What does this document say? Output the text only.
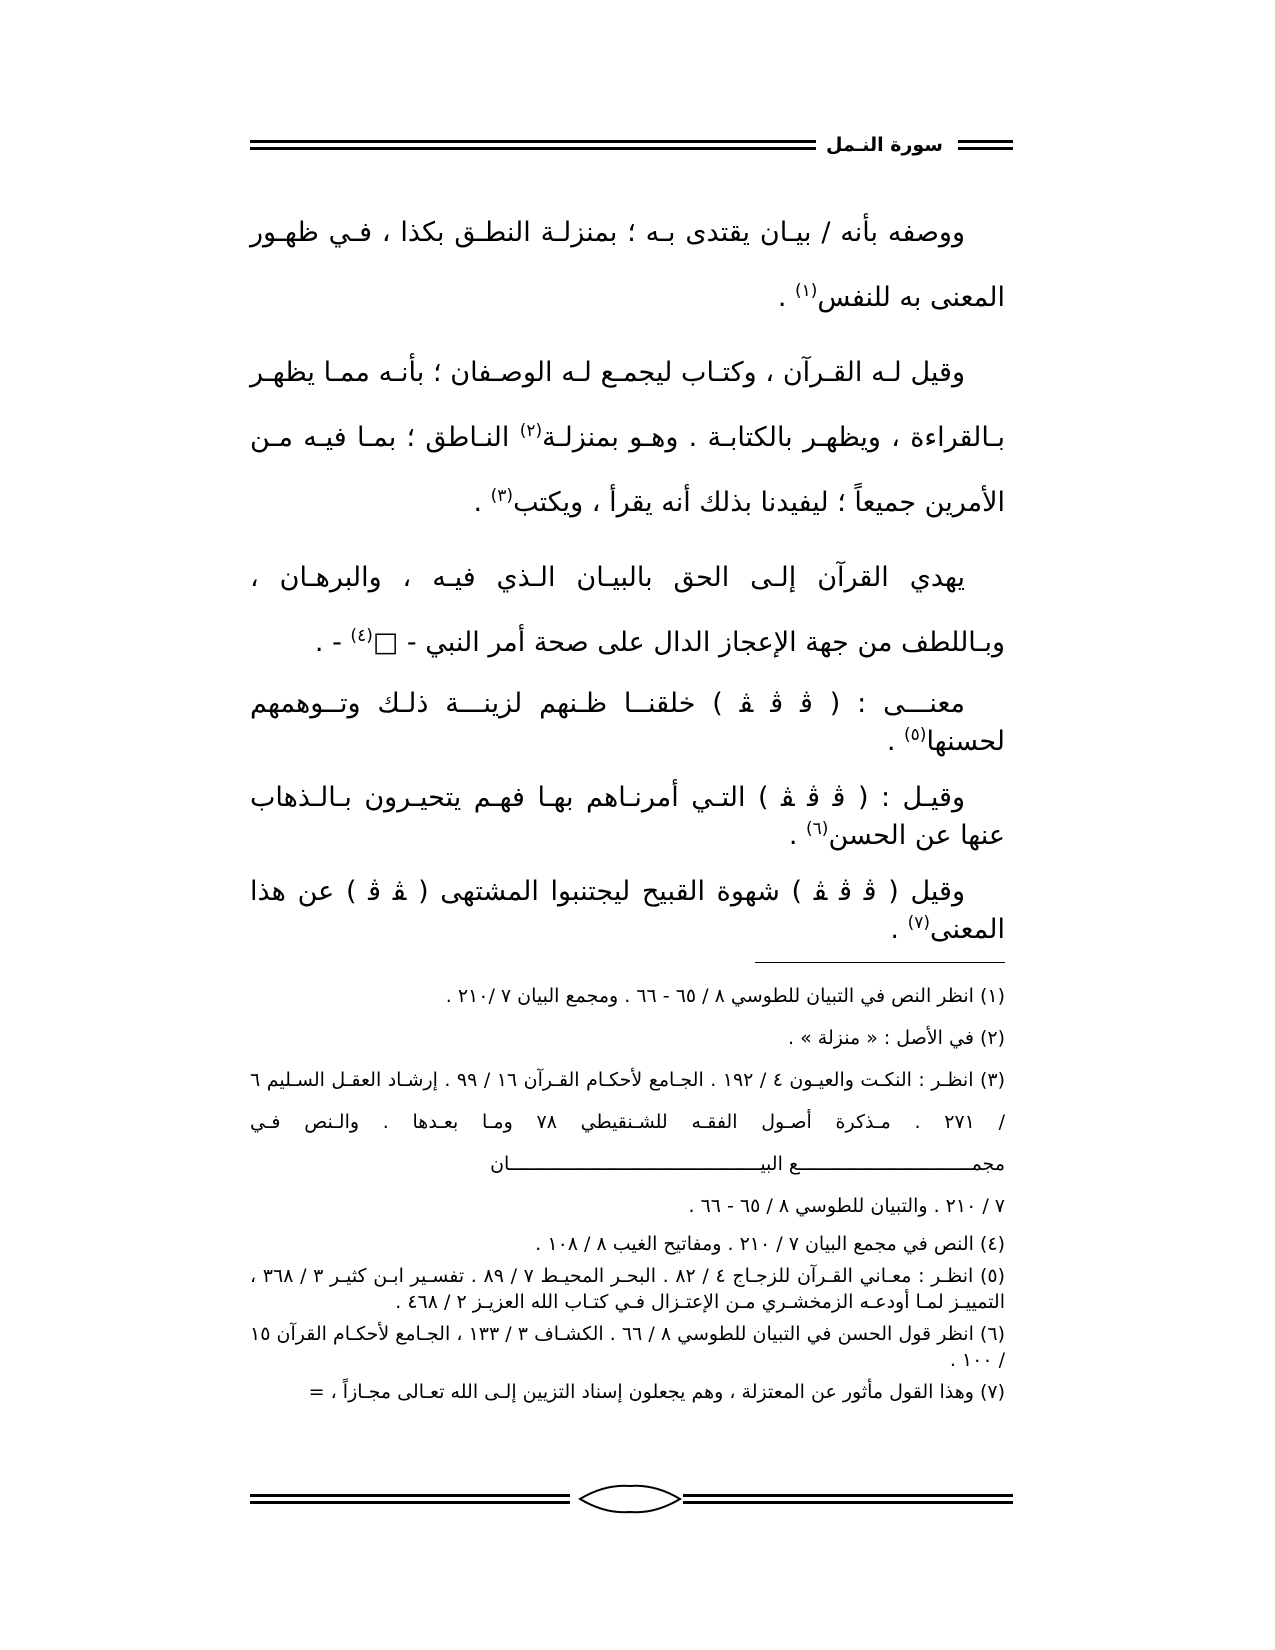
سورة النـمل

ووصفه بأنه / بيـان يقتدى بـه ؛ بمنزلـة النطـق بكذا ، فـي ظهـور المعنى به للنفس$^{(١)}$ .

وقيل لـه القـرآن ، وكتـاب ليجمـع لـه الوصـفان ؛ بأنـه ممـا يظهـر بـالقراءة ، ويظهـر بالكتابـة . وهـو بمنزلـة$^{(٢)}$ النـاطق ؛ بمـا فيـه مـن الأمرين جميعاً ؛ ليفيدنا بذلك أنه يقرأ ، ويكتب$^{(٣)}$ .

يهدي القرآن إلـى الحق بالبيـان الـذي فيـه ، والبرهـان ، وبـاللطف من جهة الإعجاز الدال على صحة أمر النبي - □$^{(٤)}$ - .

معنـــى : ( ﭬ ﭬ ﭭ ) خلقنــا ظـنهم لزينـــة ذلـك وتــوهمهم لحسنها$^{(٥)}$ .

وقيـل : ( ﭬ ﭬ ﭭ ) التـي أمرنـاهم بهـا فهـم يتحيـرون بـالـذهاب عنها عن الحسن$^{(٦)}$ .

وقيل ( ﭬ ﭬ ﭭ ) شهوة القبيح ليجتنبوا المشتهى ( ﭭ ﭬ ) عن هذا المعنى$^{(٧)}$ .

(١) انظر النص في التبيان للطوسي ٨ / ٦٥ - ٦٦ . ومجمع البيان ٧ /٢١٠ .

(٢) في الأصل : « منزلة » .

(٣) انظـر : النكـت والعيـون ٤ / ١٩٢ . الجـامع لأحكـام القـرآن ١٦ / ٩٩ . إرشـاد العقـل السـليم ٦ / ٢٧١ . مـذكرة أصـول الفقـه للشـنقيطي ٧٨ ومـا بعـدها . والـنص فـي مجمـــــــــــــــــــــــــــــــع البيـــــــــــــــــــــــــــــــــــــــــــــان

٧ / ٢١٠ . والتبيان للطوسي ٨ / ٦٥ - ٦٦ .

(٤) النص في مجمع البيان ٧ / ٢١٠ . ومفاتيح الغيب ٨ / ١٠٨ .

(٥) انظـر : معـاني القـرآن للزجـاج ٤ / ٨٢ . البحـر المحيـط ٧ / ٨٩ . تفسـير ابـن كثيـر ٣ / ٣٦٨ ، التمييـز لمـا أودعـه الزمخشـري مـن الإعتـزال فـي كتـاب الله العزيـز ٢ / ٤٦٨ .

(٦) انظر قول الحسن في التبيان للطوسي ٨ / ٦٦ . الكشـاف ٣ / ١٣٣ ، الجـامع لأحكـام القرآن ١٥ / ١٠٠ .

(٧) وهذا القول مأثور عن المعتزلة ، وهم يجعلون إسناد التزيين إلـى الله تعـالى مجـازاً ، =
